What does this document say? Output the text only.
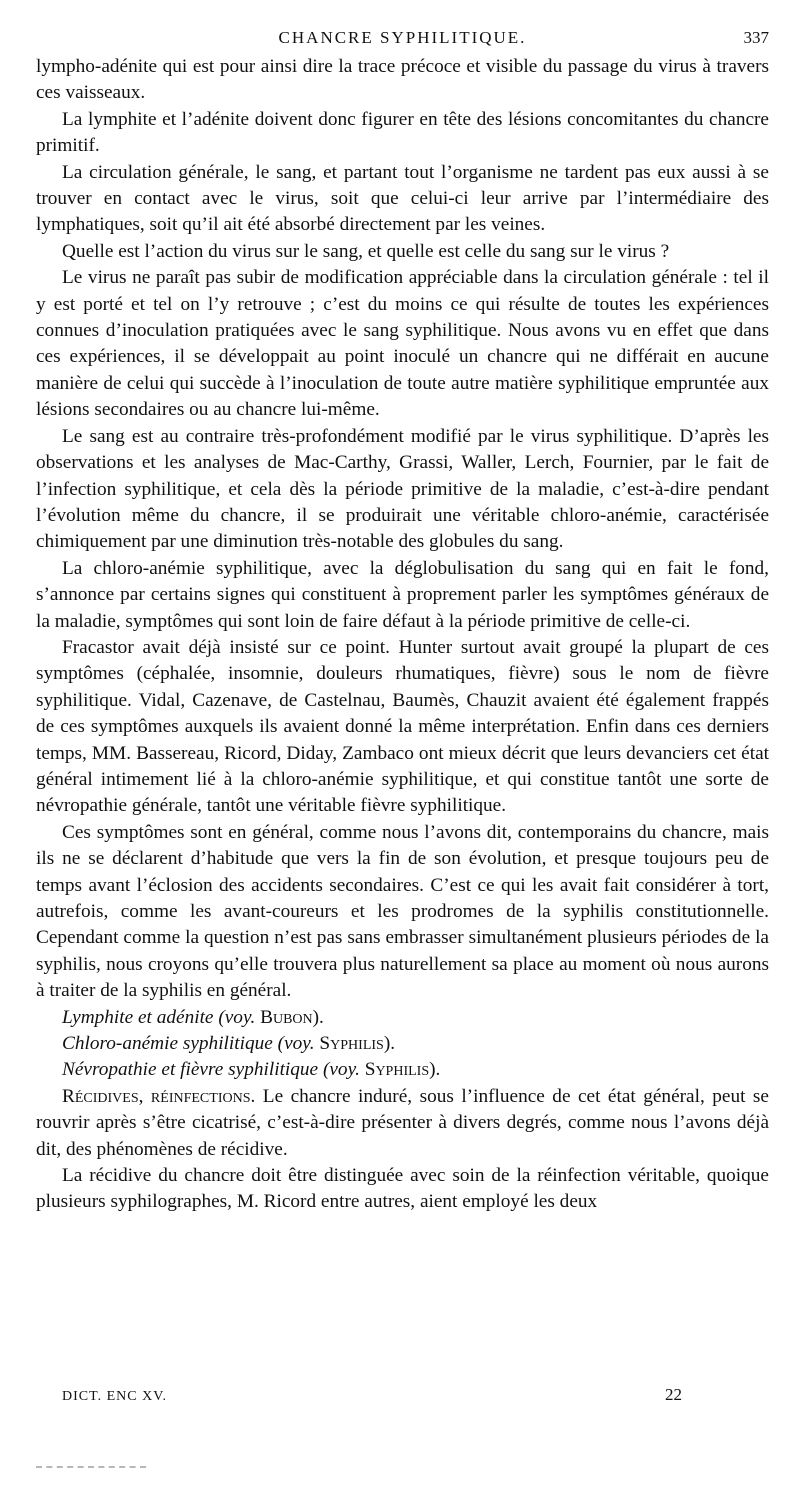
CHANCRE SYPHILITIQUE.	337

lympho-adénite qui est pour ainsi dire la trace précoce et visible du passage du virus à travers ces vaisseaux.

La lymphite et l’adénite doivent donc figurer en tête des lésions concomitantes du chancre primitif.

La circulation générale, le sang, et partant tout l’organisme ne tardent pas eux aussi à se trouver en contact avec le virus, soit que celui-ci leur arrive par l’intermédiaire des lymphatiques, soit qu’il ait été absorbé directement par les veines.

Quelle est l’action du virus sur le sang, et quelle est celle du sang sur le virus ?

Le virus ne paraît pas subir de modification appréciable dans la circulation générale : tel il y est porté et tel on l’y retrouve ; c’est du moins ce qui résulte de toutes les expériences connues d’inoculation pratiquées avec le sang syphilitique. Nous avons vu en effet que dans ces expériences, il se développait au point inoculé un chancre qui ne différait en aucune manière de celui qui succède à l’inoculation de toute autre matière syphilitique empruntée aux lésions secondaires ou au chancre lui-même.

Le sang est au contraire très-profondément modifié par le virus syphilitique. D’après les observations et les analyses de Mac-Carthy, Grassi, Waller, Lerch, Fournier, par le fait de l’infection syphilitique, et cela dès la période primitive de la maladie, c’est-à-dire pendant l’évolution même du chancre, il se produirait une véritable chloro-anémie, caractérisée chimiquement par une diminution très-notable des globules du sang.

La chloro-anémie syphilitique, avec la déglobulisation du sang qui en fait le fond, s’annonce par certains signes qui constituent à proprement parler les symptômes généraux de la maladie, symptômes qui sont loin de faire défaut à la période primitive de celle-ci.

Fracastor avait déjà insisté sur ce point. Hunter surtout avait groupé la plupart de ces symptômes (céphalée, insomnie, douleurs rhumatiques, fièvre) sous le nom de fièvre syphilitique. Vidal, Cazenave, de Castelnau, Baumès, Chauzit avaient été également frappés de ces symptômes auxquels ils avaient donné la même interprétation. Enfin dans ces derniers temps, MM. Bassereau, Ricord, Diday, Zambaco ont mieux décrit que leurs devanciers cet état général intimement lié à la chloro-anémie syphilitique, et qui constitue tantôt une sorte de névropathie générale, tantôt une véritable fièvre syphilitique.

Ces symptômes sont en général, comme nous l’avons dit, contemporains du chancre, mais ils ne se déclarent d’habitude que vers la fin de son évolution, et presque toujours peu de temps avant l’éclosion des accidents secondaires. C’est ce qui les avait fait considérer à tort, autrefois, comme les avant-coureurs et les prodromes de la syphilis constitutionnelle. Cependant comme la question n’est pas sans embrasser simultanément plusieurs périodes de la syphilis, nous croyons qu’elle trouvera plus naturellement sa place au moment où nous aurons à traiter de la syphilis en général.

Lymphite et adénite (voy. Bubon).

Chloro-anémie syphilitique (voy. Syphilis).

Névropathie et fièvre syphilitique (voy. Syphilis).

Récidives, réinfections. Le chancre induré, sous l’influence de cet état général, peut se rouvrir après s’être cicatrisé, c’est-à-dire présenter à divers degrés, comme nous l’avons déjà dit, des phénomènes de récidive.

La récidive du chancre doit être distinguée avec soin de la réinfection véritable, quoique plusieurs syphilographes, M. Ricord entre autres, aient employé les deux

DICT. ENC XV.	22
